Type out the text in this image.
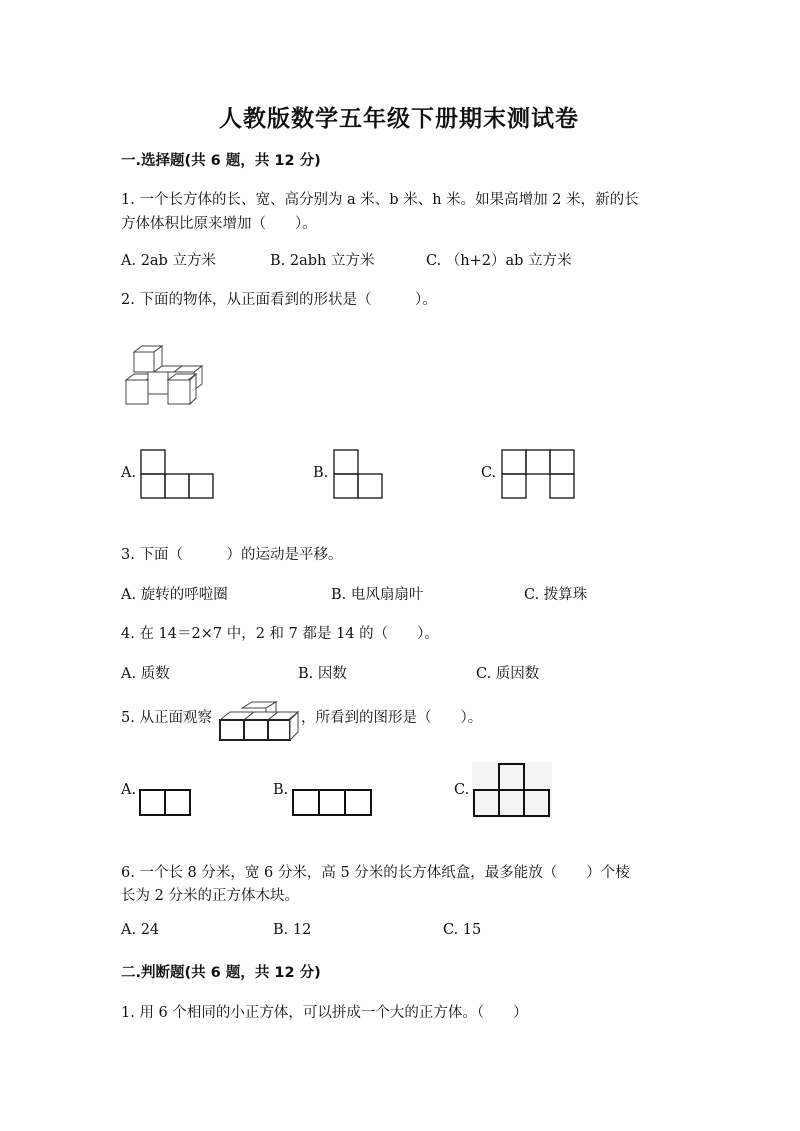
人教版数学五年级下册期末测试卷
一.选择题(共 6 题，共 12 分)
1. 一个长方体的长、宽、高分别为 a 米、b 米、h 米。如果高增加 2 米，新的长
方体体积比原来增加（　　）。
A. 2ab 立方米	B. 2abh 立方米	C. （h+2）ab 立方米
2. 下面的物体，从正面看到的形状是（　　　）。
A.	B.	C.
3. 下面（　　　）的运动是平移。
A. 旋转的呼啦圈	B. 电风扇扇叶	C. 拨算珠
4. 在 14＝2×7 中，2 和 7 都是 14 的（　　）。
A. 质数	B. 因数	C. 质因数
5. 从正面观察	，所看到的图形是（　　）。
A.	B.	C.
6. 一个长 8 分米，宽 6 分米，高 5 分米的长方体纸盒，最多能放（　　）个棱
长为 2 分米的正方体木块。
A. 24	B. 12	C. 15
二.判断题(共 6 题，共 12 分)
1. 用 6 个相同的小正方体，可以拼成一个大的正方体。（　　）
